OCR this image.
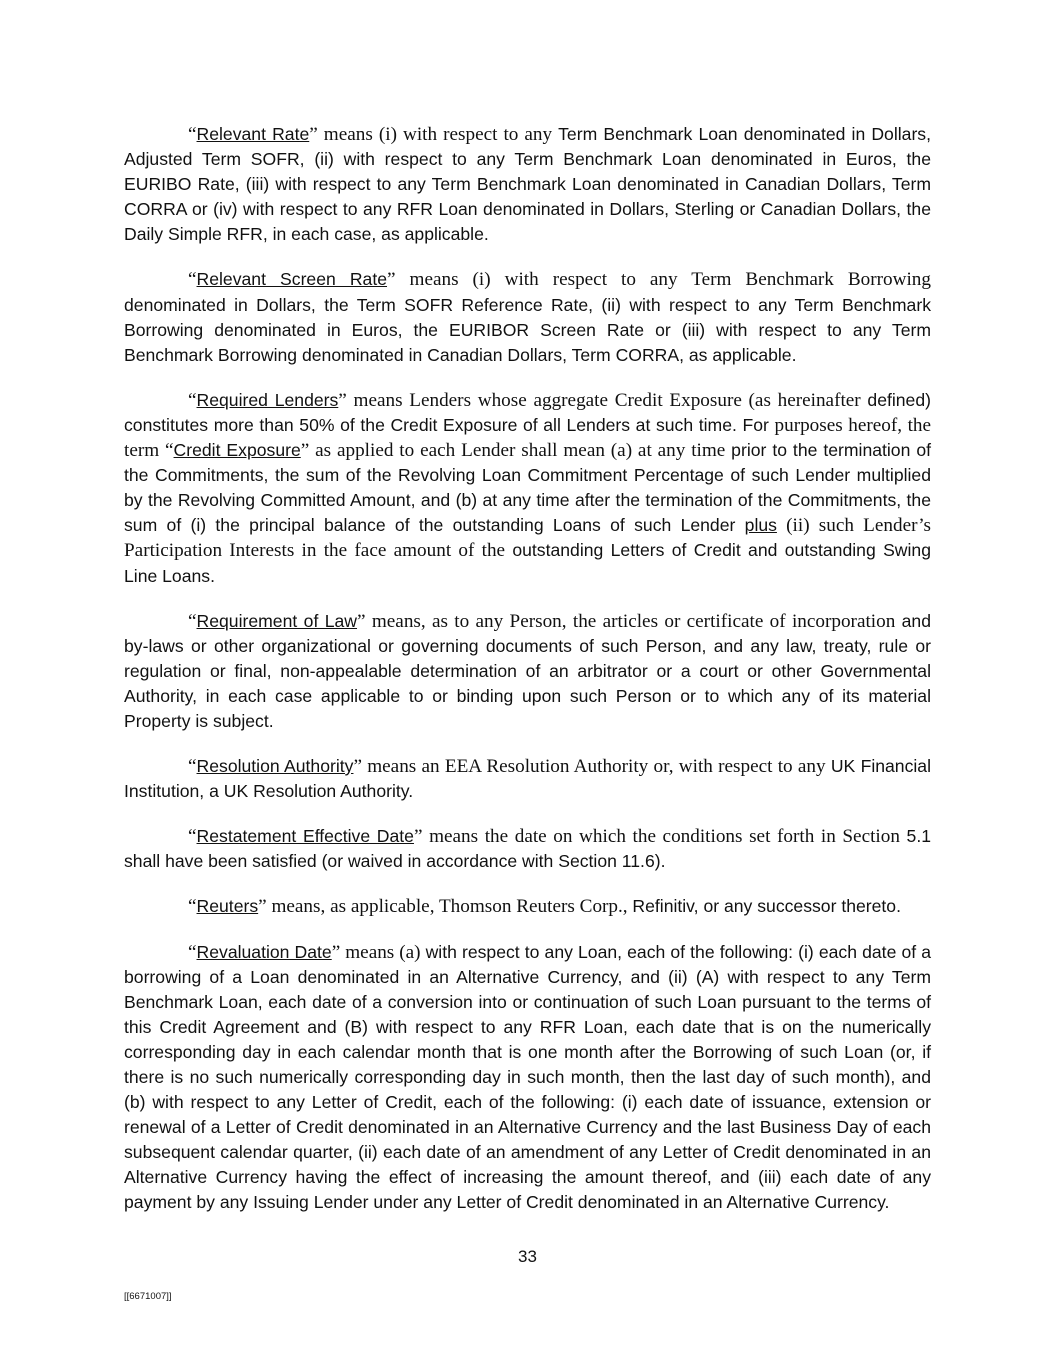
“Relevant Rate” means (i) with respect to any Term Benchmark Loan denominated in Dollars, Adjusted Term SOFR, (ii) with respect to any Term Benchmark Loan denominated in Euros, the EURIBO Rate, (iii) with respect to any Term Benchmark Loan denominated in Canadian Dollars, Term CORRA or (iv) with respect to any RFR Loan denominated in Dollars, Sterling or Canadian Dollars, the Daily Simple RFR, in each case, as applicable.

“Relevant Screen Rate” means (i) with respect to any Term Benchmark Borrowing denominated in Dollars, the Term SOFR Reference Rate, (ii) with respect to any Term Benchmark Borrowing denominated in Euros, the EURIBOR Screen Rate or (iii) with respect to any Term Benchmark Borrowing denominated in Canadian Dollars, Term CORRA, as applicable.

“Required Lenders” means Lenders whose aggregate Credit Exposure (as hereinafter defined) constitutes more than 50% of the Credit Exposure of all Lenders at such time. For purposes hereof, the term “Credit Exposure” as applied to each Lender shall mean (a) at any time prior to the termination of the Commitments, the sum of the Revolving Loan Commitment Percentage of such Lender multiplied by the Revolving Committed Amount, and (b) at any time after the termination of the Commitments, the sum of (i) the principal balance of the outstanding Loans of such Lender plus (ii) such Lender’s Participation Interests in the face amount of the outstanding Letters of Credit and outstanding Swing Line Loans.

“Requirement of Law” means, as to any Person, the articles or certificate of incorporation and by-laws or other organizational or governing documents of such Person, and any law, treaty, rule or regulation or final, non-appealable determination of an arbitrator or a court or other Governmental Authority, in each case applicable to or binding upon such Person or to which any of its material Property is subject.

“Resolution Authority” means an EEA Resolution Authority or, with respect to any UK Financial Institution, a UK Resolution Authority.

“Restatement Effective Date” means the date on which the conditions set forth in Section 5.1 shall have been satisfied (or waived in accordance with Section 11.6).

“Reuters” means, as applicable, Thomson Reuters Corp., Refinitiv, or any successor thereto.

“Revaluation Date” means (a) with respect to any Loan, each of the following: (i) each date of a borrowing of a Loan denominated in an Alternative Currency, and (ii) (A) with respect to any Term Benchmark Loan, each date of a conversion into or continuation of such Loan pursuant to the terms of this Credit Agreement and (B) with respect to any RFR Loan, each date that is on the numerically corresponding day in each calendar month that is one month after the Borrowing of such Loan (or, if there is no such numerically corresponding day in such month, then the last day of such month), and (b) with respect to any Letter of Credit, each of the following: (i) each date of issuance, extension or renewal of a Letter of Credit denominated in an Alternative Currency and the last Business Day of each subsequent calendar quarter, (ii) each date of an amendment of any Letter of Credit denominated in an Alternative Currency having the effect of increasing the amount thereof, and (iii) each date of any payment by any Issuing Lender under any Letter of Credit denominated in an Alternative Currency.

33
[[6671007]]
